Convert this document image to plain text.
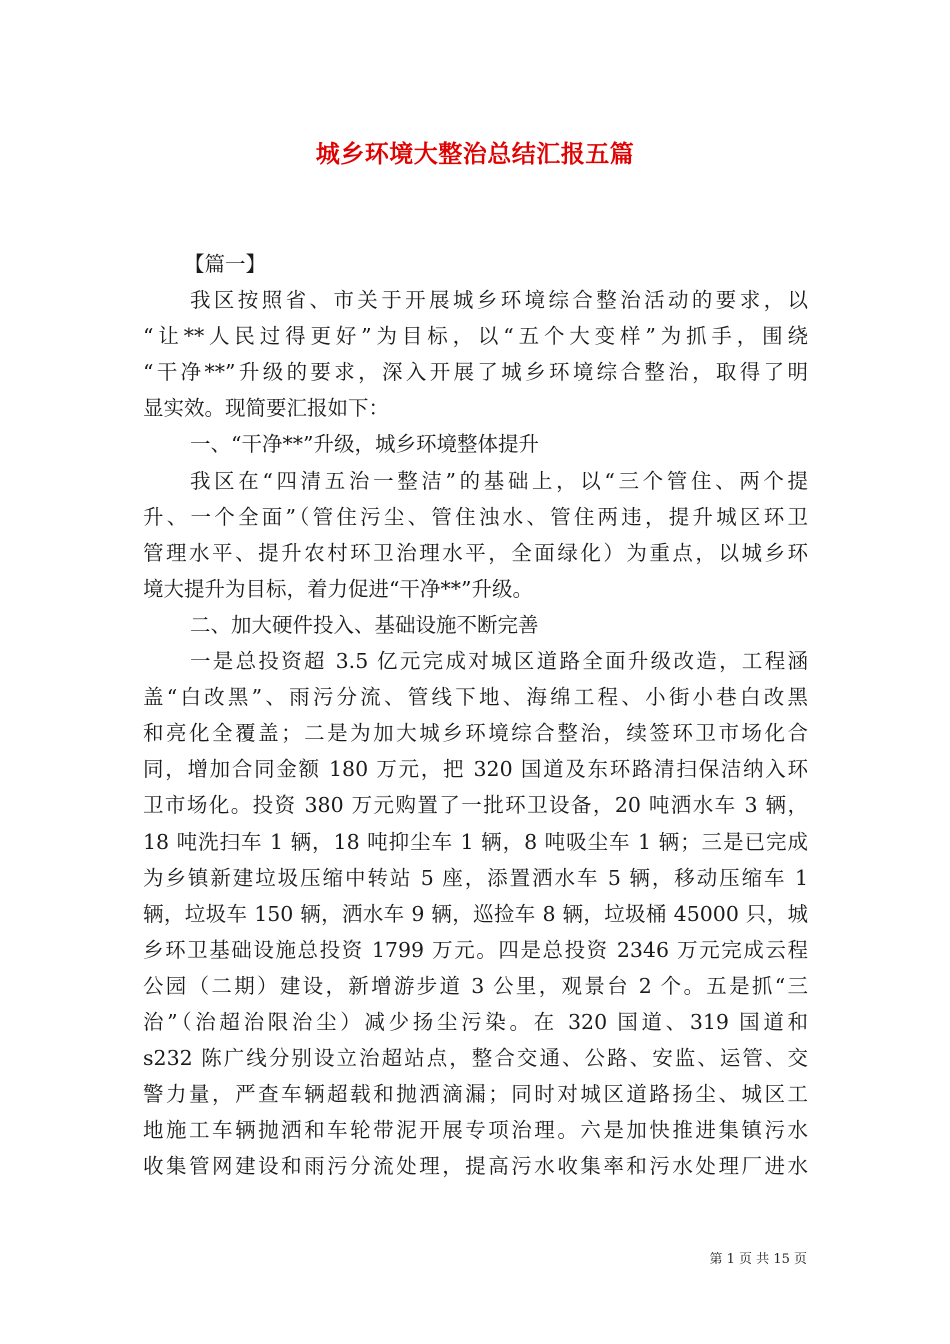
城乡环境大整治总结汇报五篇
【篇一】
我区按照省、市关于开展城乡环境综合整治活动的要求，以
“让**人民过得更好”为目标，以“五个大变样”为抓手，围绕
“干净**”升级的要求，深入开展了城乡环境综合整治，取得了明
显实效。现简要汇报如下：
一、“干净**”升级，城乡环境整体提升
我区在“四清五治一整洁”的基础上，以“三个管住、两个提
升、一个全面”（管住污尘、管住浊水、管住两违，提升城区环卫
管理水平、提升农村环卫治理水平，全面绿化）为重点，以城乡环
境大提升为目标，着力促进“干净**”升级。
二、加大硬件投入、基础设施不断完善
一是总投资超 3.5 亿元完成对城区道路全面升级改造，工程涵
盖“白改黑”、雨污分流、管线下地、海绵工程、小街小巷白改黑
和亮化全覆盖；二是为加大城乡环境综合整治，续签环卫市场化合
同，增加合同金额 180 万元，把 320 国道及东环路清扫保洁纳入环
卫市场化。投资 380 万元购置了一批环卫设备，20 吨洒水车 3 辆，
18 吨洗扫车 1 辆，18 吨抑尘车 1 辆，8 吨吸尘车 1 辆；三是已完成
为乡镇新建垃圾压缩中转站 5 座，添置洒水车 5 辆，移动压缩车 1
辆，垃圾车 150 辆，洒水车 9 辆，巡捡车 8 辆，垃圾桶 45000 只，城
乡环卫基础设施总投资 1799 万元。四是总投资 2346 万元完成云程
公园（二期）建设，新增游步道 3 公里，观景台 2 个。五是抓“三
治”（治超治限治尘）减少扬尘污染。在 320 国道、319 国道和
s232 陈广线分别设立治超站点，整合交通、公路、安监、运管、交
警力量，严查车辆超载和抛洒滴漏；同时对城区道路扬尘、城区工
地施工车辆抛洒和车轮带泥开展专项治理。六是加快推进集镇污水
收集管网建设和雨污分流处理，提高污水收集率和污水处理厂进水
第 1 页 共 15 页
